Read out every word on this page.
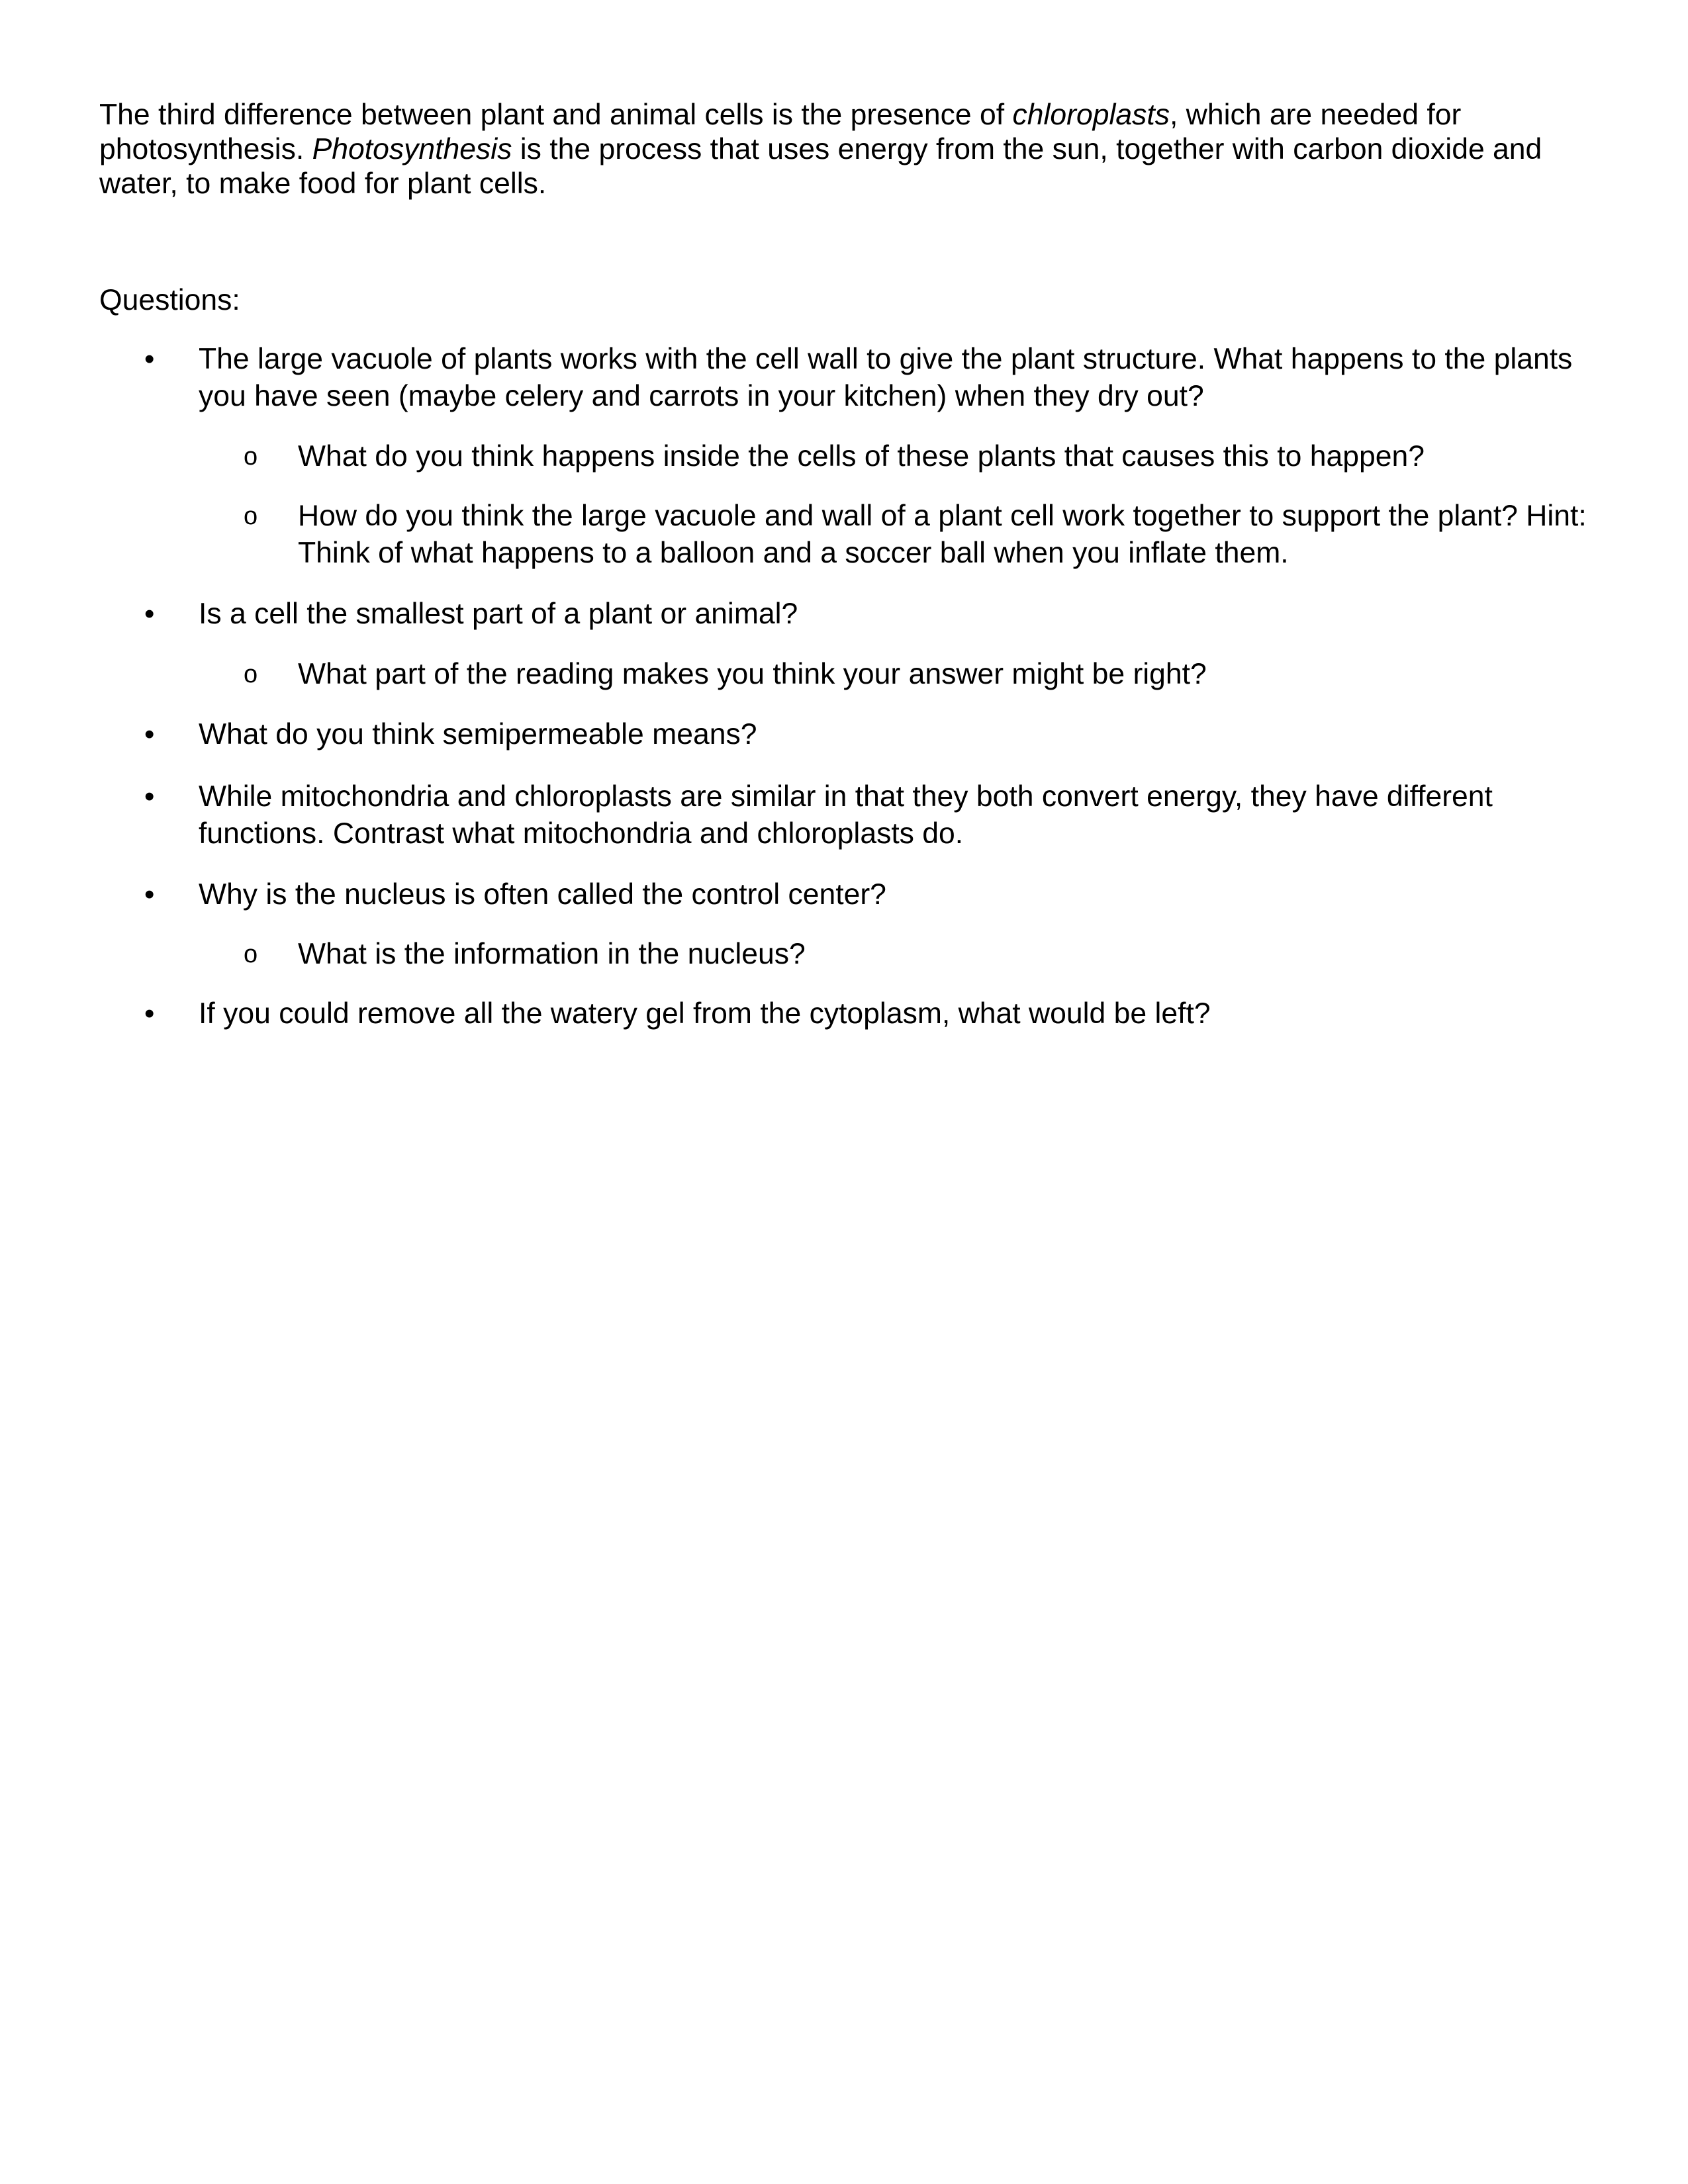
The third difference between plant and animal cells is the presence of chloroplasts, which are needed for photosynthesis. Photosynthesis is the process that uses energy from the sun, together with carbon dioxide and water, to make food for plant cells.

Questions:

• The large vacuole of plants works with the cell wall to give the plant structure. What happens to the plants you have seen (maybe celery and carrots in your kitchen) when they dry out?
o What do you think happens inside the cells of these plants that causes this to happen?
o How do you think the large vacuole and wall of a plant cell work together to support the plant? Hint: Think of what happens to a balloon and a soccer ball when you inflate them.
• Is a cell the smallest part of a plant or animal?
o What part of the reading makes you think your answer might be right?
• What do you think semipermeable means?
• While mitochondria and chloroplasts are similar in that they both convert energy, they have different functions. Contrast what mitochondria and chloroplasts do.
• Why is the nucleus is often called the control center?
o What is the information in the nucleus?
• If you could remove all the watery gel from the cytoplasm, what would be left?
